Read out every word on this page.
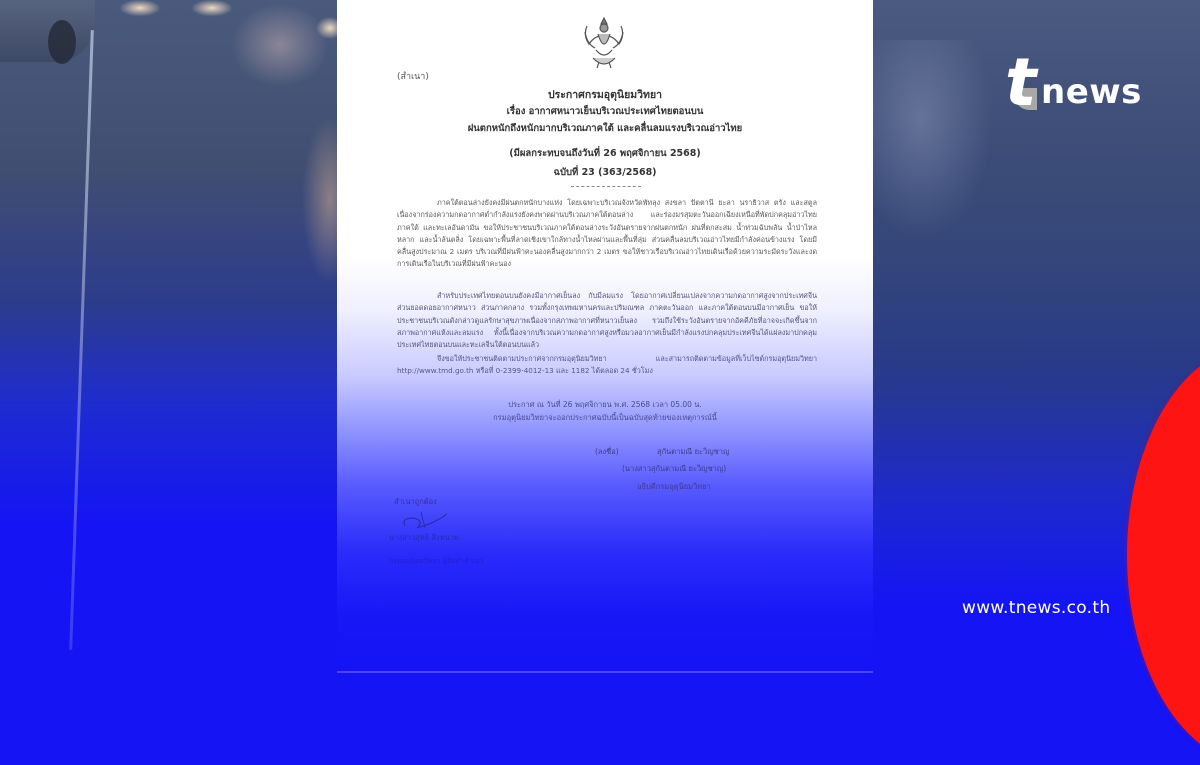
t news
www.tnews.co.th
(สำเนา)
ประกาศกรมอุตุนิยมวิทยา
เรื่อง อากาศหนาวเย็นบริเวณประเทศไทยตอนบน
ฝนตกหนักถึงหนักมากบริเวณภาคใต้ และคลื่นลมแรงบริเวณอ่าวไทย
(มีผลกระทบจนถึงวันที่ 26 พฤศจิกายน 2568)
ฉบับที่ 23 (363/2568)
ภาคใต้ตอนล่างยังคงมีฝนตกหนักบางแห่ง โดยเฉพาะบริเวณจังหวัดพัทลุง สงขลา ปัตตานี ยะลา นราธิวาส ตรัง และสตูล เนื่องจากร่องความกดอากาศต่ำกำลังแรงยังคงพาดผ่านบริเวณภาคใต้ตอนล่าง และร่องมรสุมตะวันออกเฉียงเหนือที่พัดปกคลุมอ่าวไทย ภาคใต้ และทะเลอันดามัน ขอให้ประชาชนบริเวณภาคใต้ตอนล่างระวังอันตรายจากฝนตกหนัก ฝนที่ตกสะสม น้ำท่วมฉับพลัน น้ำป่าไหลหลาก และน้ำล้นตลิ่ง โดยเฉพาะพื้นที่ลาดเชิงเขาใกล้ทางน้ำไหลผ่านและพื้นที่ลุ่ม ส่วนคลื่นลมบริเวณอ่าวไทยมีกำลังค่อนข้างแรง โดยมีคลื่นสูงประมาณ 2 เมตร บริเวณที่มีฝนฟ้าคะนองคลื่นสูงมากกว่า 2 เมตร ขอให้ชาวเรือบริเวณอ่าวไทยเดินเรือด้วยความระมัดระวังและงดการเดินเรือในบริเวณที่มีฝนฟ้าคะนอง
สำหรับประเทศไทยตอนบนยังคงมีอากาศเย็นลง กับมีลมแรง โดยอากาศเปลี่ยนแปลงจากความกดอากาศสูงจากประเทศจีน ส่วนยอดดอยอากาศหนาว ส่วนภาคกลาง รวมทั้งกรุงเทพมหานครและปริมณฑล ภาคตะวันออก และภาคใต้ตอนบนมีอากาศเย็น ขอให้ประชาชนบริเวณดังกล่าวดูแลรักษาสุขภาพเนื่องจากสภาพอากาศที่หนาวเย็นลง รวมถึงใช้ระวังอันตรายจากอัคคีภัยที่อาจจะเกิดขึ้นจากสภาพอากาศแห้งและลมแรง ทั้งนี้เนื่องจากบริเวณความกดอากาศสูงหรือมวลอากาศเย็นมีกำลังแรงปกคลุมประเทศจีนได้แผ่ลงมาปกคลุมประเทศไทยตอนบนและทะเลจีนใต้ตอนบนแล้ว
จึงขอให้ประชาชนติดตามประกาศจากกรมอุตุนิยมวิทยา และสามารถติดตามข้อมูลที่เว็บไซต์กรมอุตุนิยมวิทยา http://www.tmd.go.th หรือที่ 0-2399-4012-13 และ 1182 ได้ตลอด 24 ชั่วโมง
ประกาศ ณ วันที่ 26 พฤศจิกายน พ.ศ. 2568 เวลา 05.00 น.
กรมอุตุนิยมวิทยาจะออกประกาศฉบับนี้เป็นฉบับสุดท้ายของเหตุการณ์นี้
(ลงชื่อ)	สุกันตามณี ยะวิญชาญ
(นางสาวสุกันตามณี ยะวิญชาญ)
อธิบดีกรมอุตุนิยมวิทยา
สำเนาถูกต้อง
นางสาวสุทธิ สิงหนาท
กรมอุตุนิยมวิทยา ผู้จัดทำสำเนา
